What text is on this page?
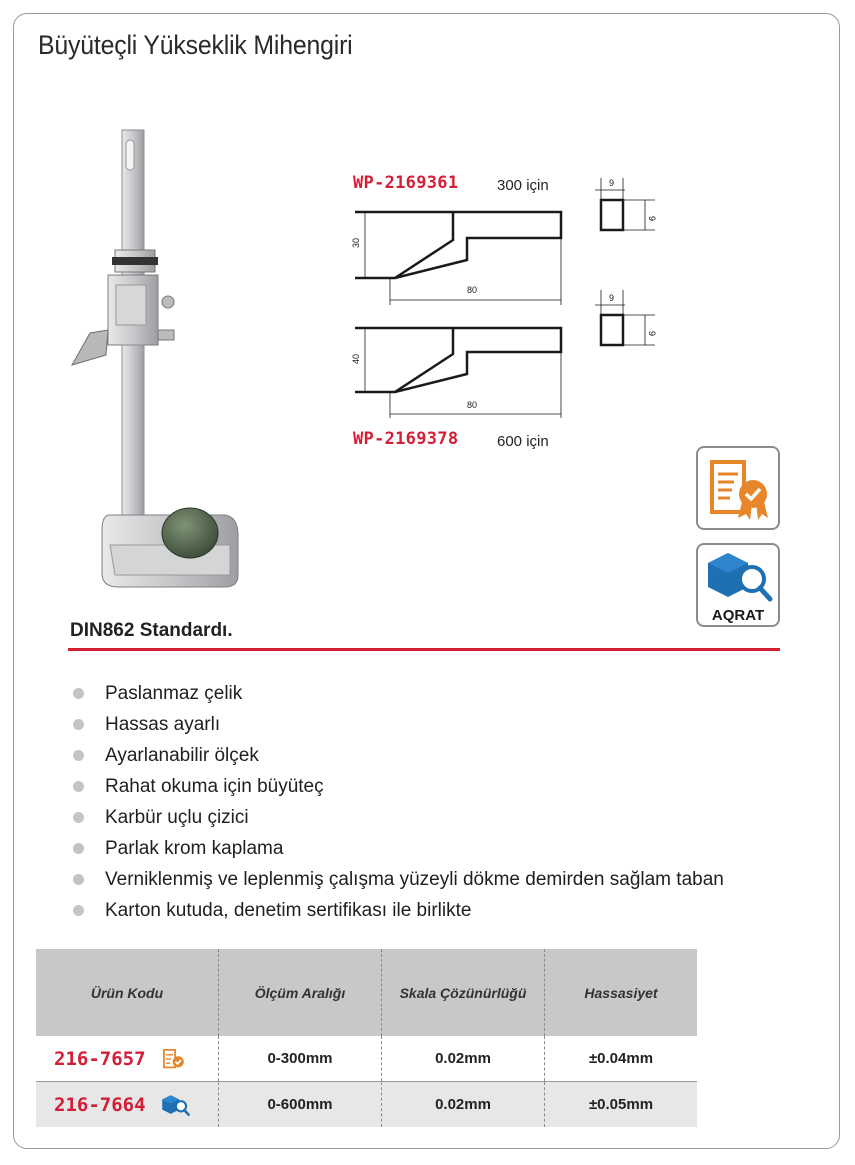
Büyüteçli Yükseklik Mihengiri
30
40
80
80
9
9
9
9
WP-2169361	300 için
WP-2169378	600 için
AQRAT
DIN862 Standardı.
Paslanmaz çelik
Hassas ayarlı
Ayarlanabilir ölçek
Rahat okuma için büyüteç
Karbür uçlu çizici
Parlak krom kaplama
Verniklenmiş ve leplenmiş çalışma yüzeyli dökme demirden sağlam taban
Karton kutuda, denetim sertifikası ile birlikte
Ürün Kodu	Ölçüm Aralığı	Skala Çözünürlüğü	Hassasiyet
216-7657	0-300mm	0.02mm	±0.04mm
216-7664	0-600mm	0.02mm	±0.05mm
